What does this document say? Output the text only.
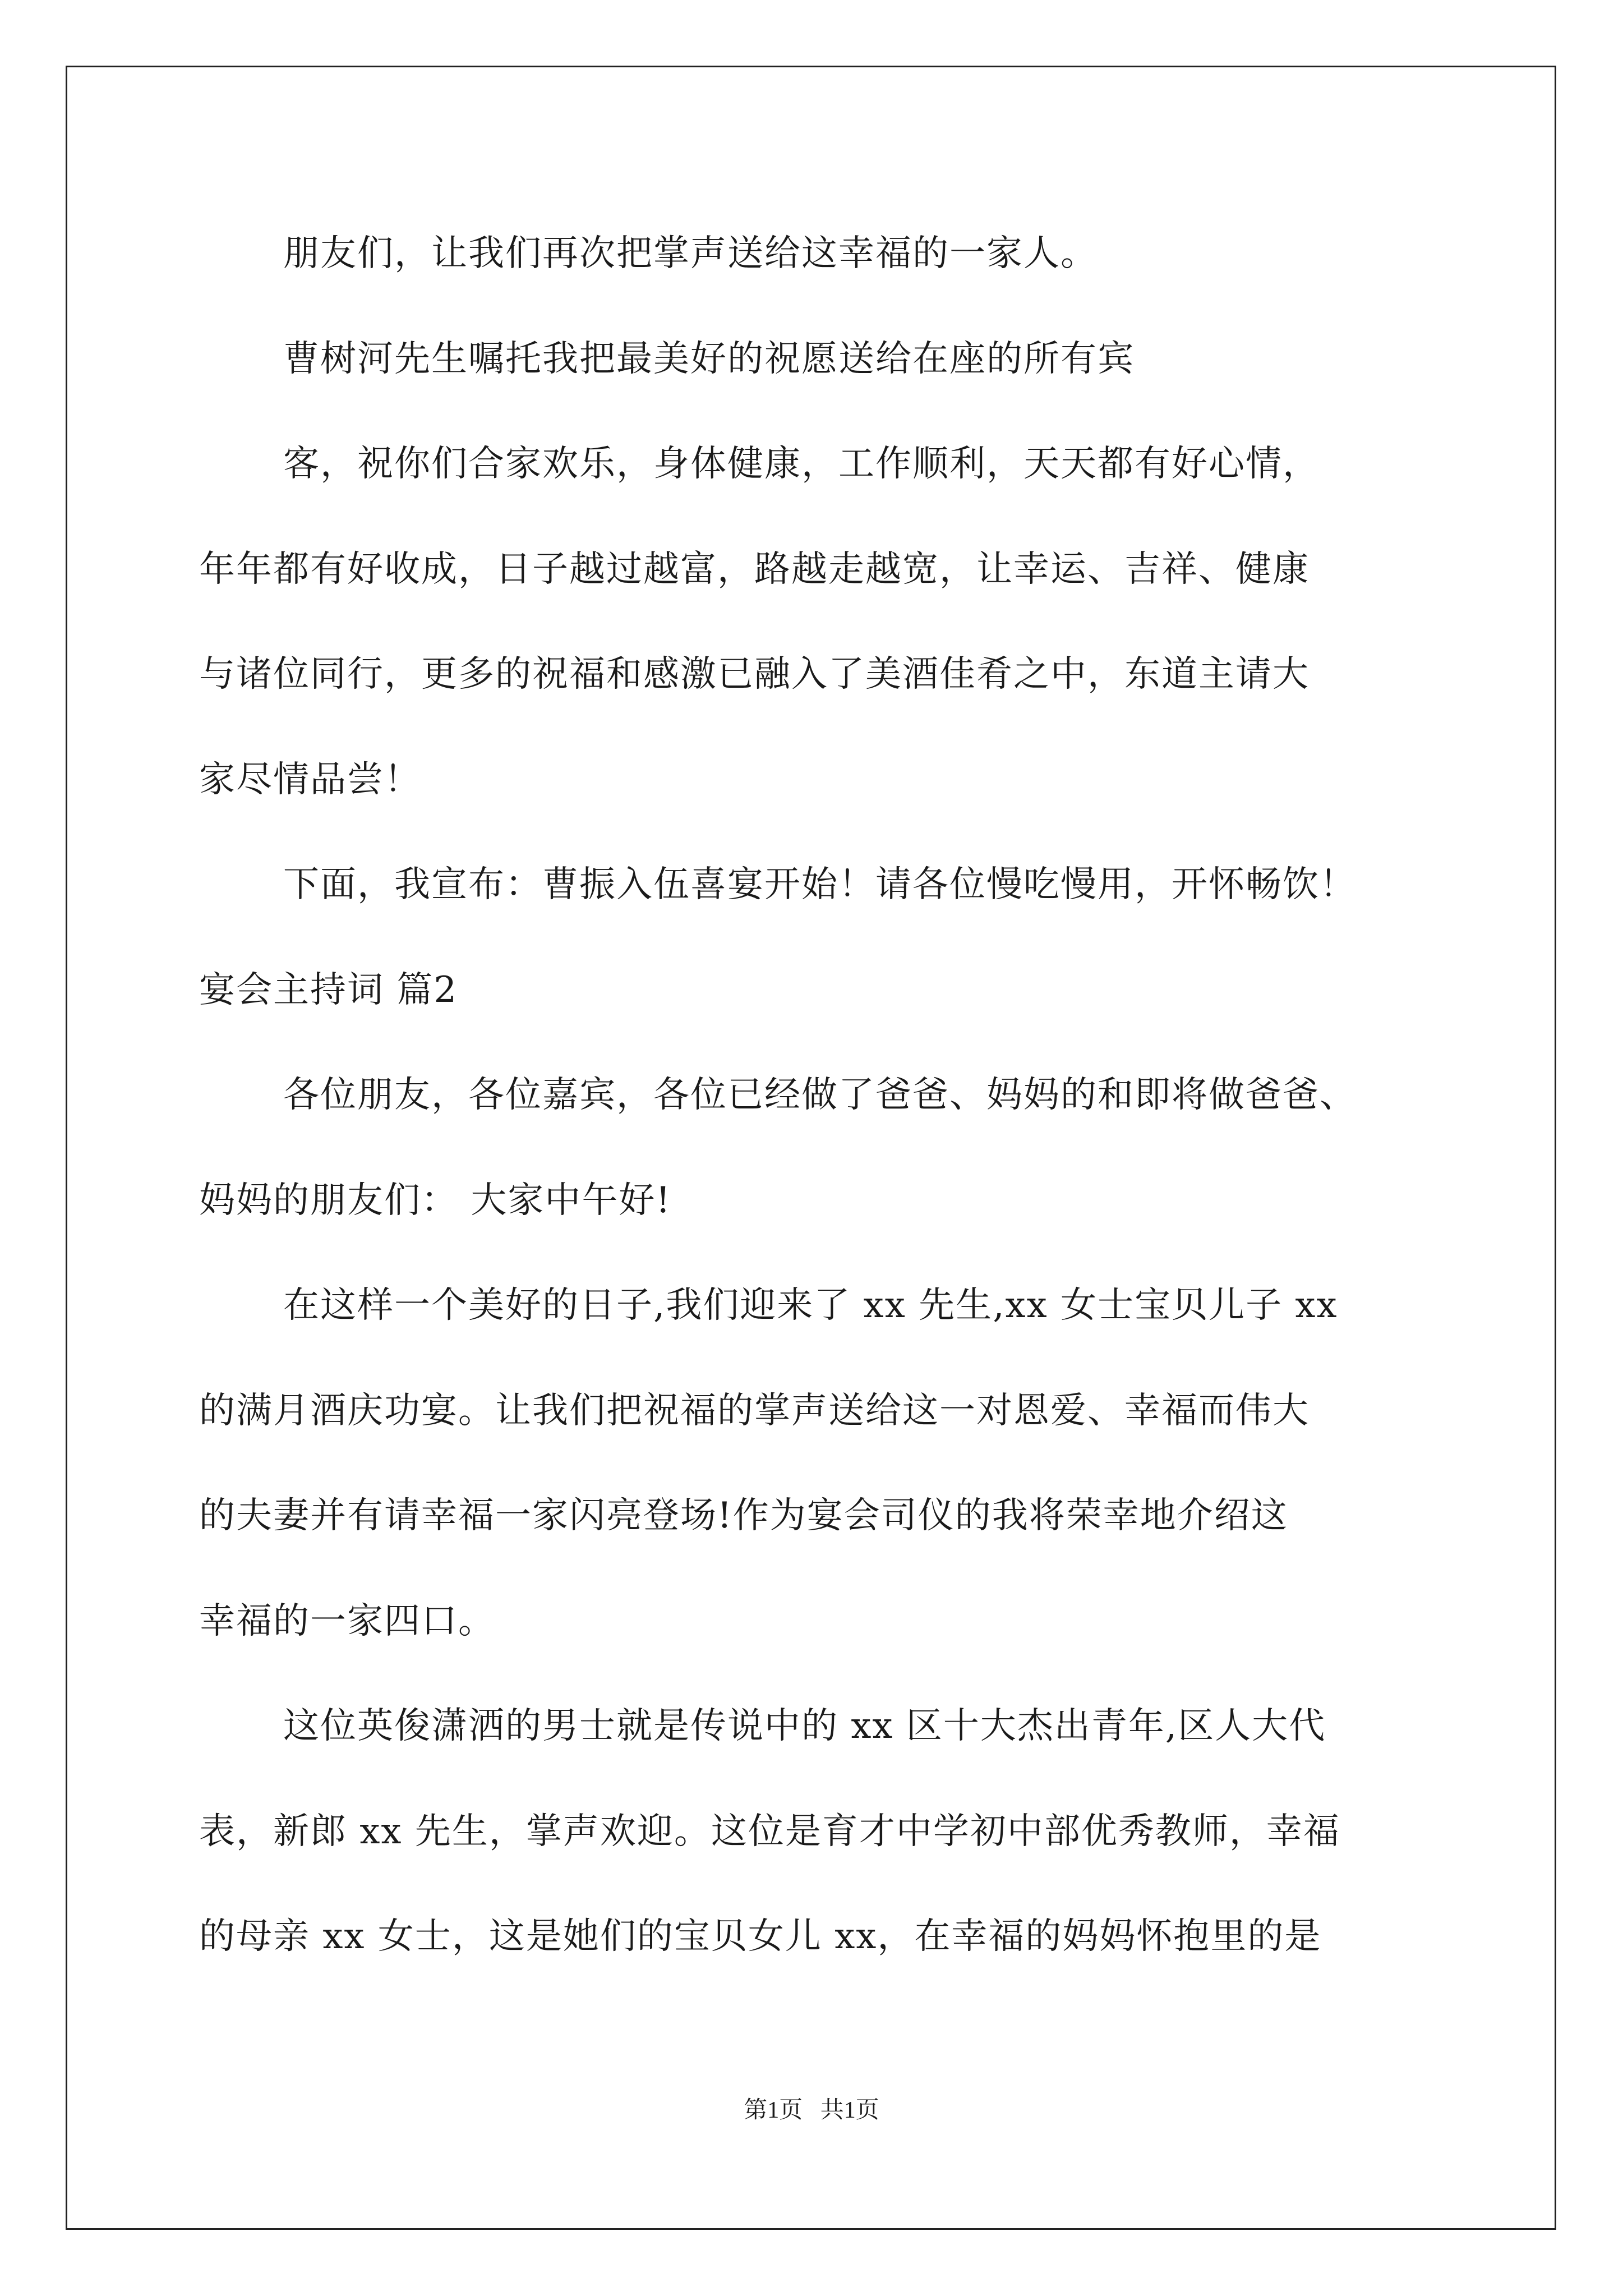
朋友们，让我们再次把掌声送给这幸福的一家人。
曹树河先生嘱托我把最美好的祝愿送给在座的所有宾
客，祝你们合家欢乐，身体健康，工作顺利，天天都有好心情，
年年都有好收成，日子越过越富，路越走越宽，让幸运、吉祥、健康
与诸位同行，更多的祝福和感激已融入了美酒佳肴之中，东道主请大
家尽情品尝！
下面，我宣布：曹振入伍喜宴开始！请各位慢吃慢用，开怀畅饮！
宴会主持词 篇2
各位朋友，各位嘉宾，各位已经做了爸爸、妈妈的和即将做爸爸、
妈妈的朋友们： 大家中午好!
在这样一个美好的日子,我们迎来了 xx 先生,xx 女士宝贝儿子 xx
的满月酒庆功宴。让我们把祝福的掌声送给这一对恩爱、幸福而伟大
的夫妻并有请幸福一家闪亮登场!作为宴会司仪的我将荣幸地介绍这
幸福的一家四口。
这位英俊潇洒的男士就是传说中的 xx 区十大杰出青年,区人大代
表，新郎 xx 先生，掌声欢迎。这位是育才中学初中部优秀教师，幸福
的母亲 xx 女士，这是她们的宝贝女儿 xx，在幸福的妈妈怀抱里的是
第1页   共1页
